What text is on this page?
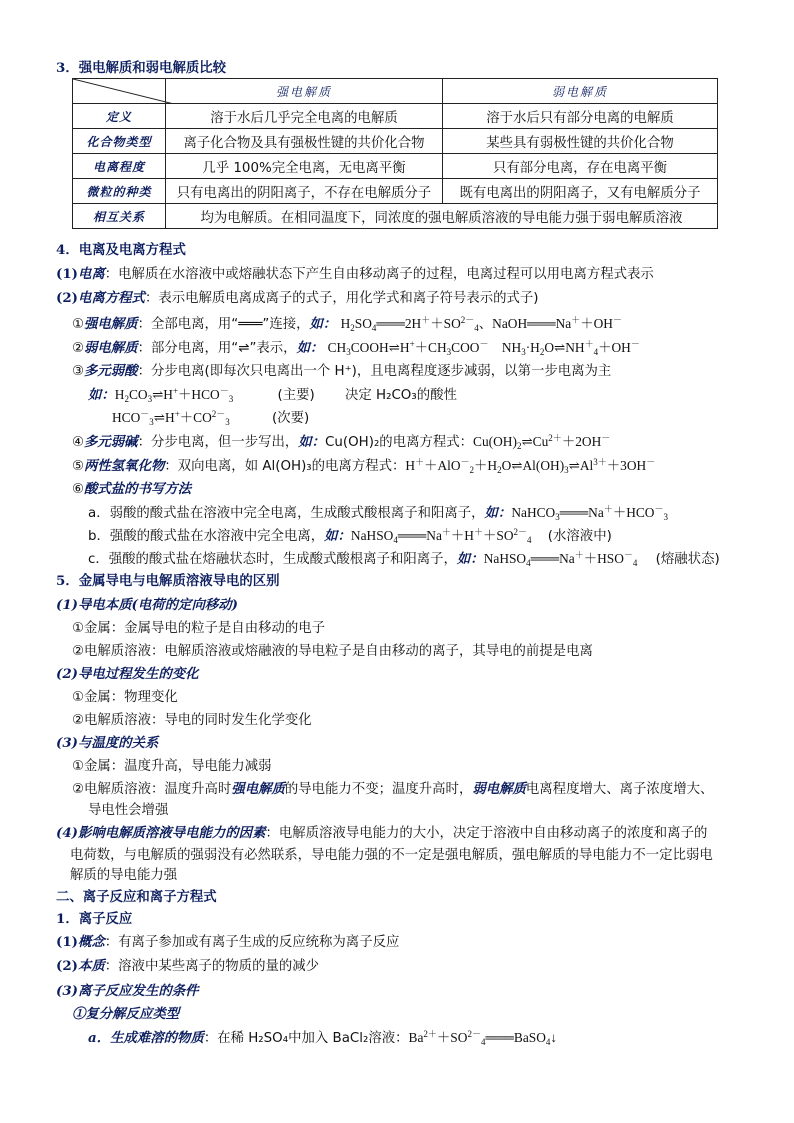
3．强电解质和弱电解质比较
	强电解质	弱电解质
定义	溶于水后几乎完全电离的电解质	溶于水后只有部分电离的电解质
化合物类型	离子化合物及具有强极性键的共价化合物	某些具有弱极性键的共价化合物
电离程度	几乎 100%完全电离，无电离平衡	只有部分电离，存在电离平衡
微粒的种类	只有电离出的阴阳离子，不存在电解质分子	既有电离出的阴阳离子，又有电解质分子
相互关系	均为电解质。在相同温度下，同浓度的强电解质溶液的导电能力强于弱电解质溶液	
4．电离及电离方程式
(1)电离：电解质在水溶液中或熔融状态下产生自由移动离子的过程，电离过程可以用电离方程式表示
(2)电离方程式：表示电解质电离成离子的式子，用化学式和离子符号表示的式子)
①强电解质：全部电离，用“═══”连接，如： $H_2SO_4═══2H^++SO^{2-}_4$、NaOH═══Na＋＋OH－
②弱电解质：部分电离，用“⇌”表示，如： $CH_3COOH\rightleftharpoons H^++CH_3COO^-$    $NH_3\cdot H_2O\rightleftharpoons NH^+_4+OH^-$
③多元弱酸：分步电离(即每次只电离出一个 H⁺)，且电离程度逐步减弱，以第一步电离为主
如：$H_2CO_3\rightleftharpoons H^++HCO^-_3$	(主要) 决定 H₂CO₃的酸性
$HCO^-_3\rightleftharpoons H^++CO^{2-}_3$	(次要)
④多元弱碱：分步电离，但一步写出，如：Cu(OH)₂的电离方程式：$Cu(OH)_2\rightleftharpoons Cu^{2+}+2OH^-$
⑤两性氢氧化物：双向电离，如 Al(OH)₃的电离方程式：$H^++AlO^-_2+H_2O\rightleftharpoons Al(OH)_3\rightleftharpoons Al^{3+}+3OH^-$
⑥酸式盐的书写方法
a．弱酸的酸式盐在溶液中完全电离，生成酸式酸根离子和阳离子，如：$NaHCO_3═══Na^++HCO^-_3$
b．强酸的酸式盐在水溶液中完全电离，如：$NaHSO_4═══Na^++H^++SO^{2-}_4$ (水溶液中)
c．强酸的酸式盐在熔融状态时，生成酸式酸根离子和阳离子，如：$NaHSO_4═══Na^++HSO^-_4$ (熔融状态)
5．金属导电与电解质溶液导电的区别
(1)导电本质(电荷的定向移动)
①金属：金属导电的粒子是自由移动的电子
②电解质溶液：电解质溶液或熔融液的导电粒子是自由移动的离子，其导电的前提是电离
(2)导电过程发生的变化
①金属：物理变化
②电解质溶液：导电的同时发生化学变化
(3)与温度的关系
①金属：温度升高，导电能力减弱
②电解质溶液：温度升高时强电解质的导电能力不变；温度升高时，弱电解质电离程度增大、离子浓度增大、
导电性会增强
(4)影响电解质溶液导电能力的因素：电解质溶液导电能力的大小，决定于溶液中自由移动离子的浓度和离子的
电荷数，与电解质的强弱没有必然联系，导电能力强的不一定是强电解质，强电解质的导电能力不一定比弱电
解质的导电能力强
二、离子反应和离子方程式
1．离子反应
(1)概念：有离子参加或有离子生成的反应统称为离子反应
(2)本质：溶液中某些离子的物质的量的减少
(3)离子反应发生的条件
①复分解反应类型
a．生成难溶的物质：在稀 H₂SO₄中加入 BaCl₂溶液：$Ba^{2+}+SO^{2-}_4═══BaSO_4↓$
